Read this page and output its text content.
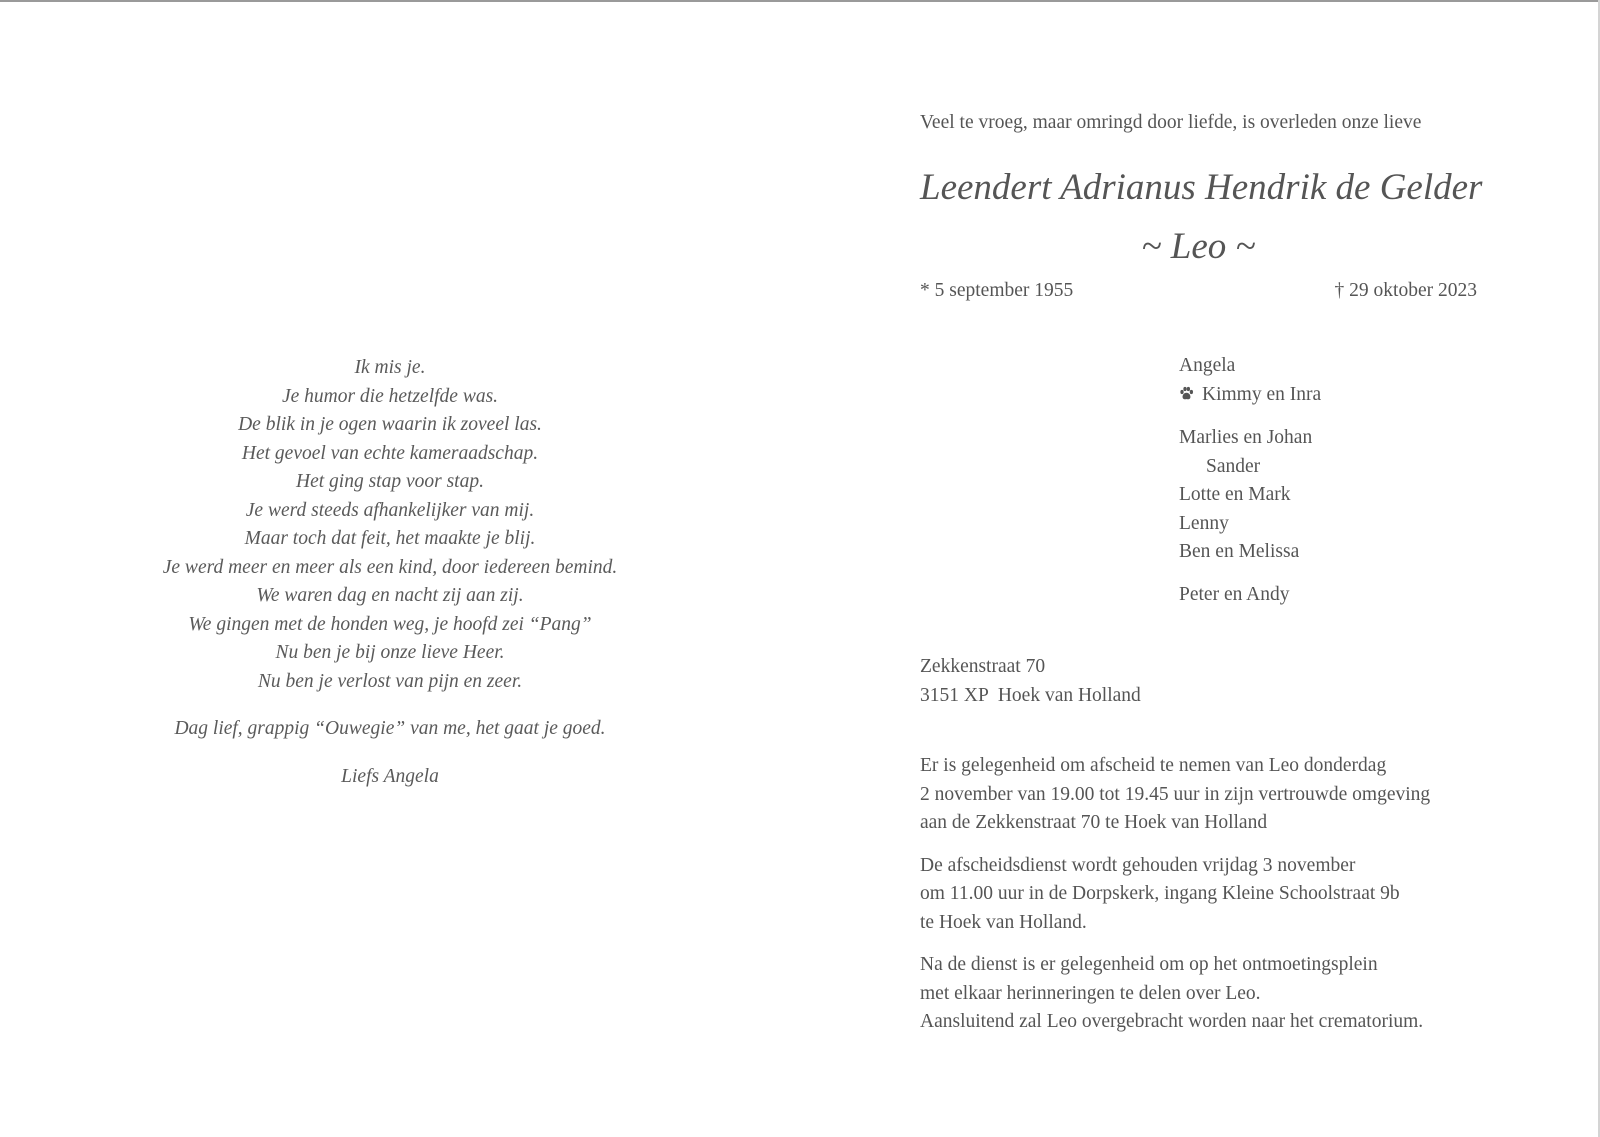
Ik mis je.
Je humor die hetzelfde was.
De blik in je ogen waarin ik zoveel las.
Het gevoel van echte kameraadschap.
Het ging stap voor stap.
Je werd steeds afhankelijker van mij.
Maar toch dat feit, het maakte je blij.
Je werd meer en meer als een kind, door iedereen bemind.
We waren dag en nacht zij aan zij.
We gingen met de honden weg, je hoofd zei “Pang”
Nu ben je bij onze lieve Heer.
Nu ben je verlost van pijn en zeer.
Dag lief, grappig “Ouwegie” van me, het gaat je goed.
Liefs Angela
Veel te vroeg, maar omringd door liefde, is overleden onze lieve
Leendert Adrianus Hendrik de Gelder
~ Leo ~
* 5 september 1955	† 29 oktober 2023
Angela
Kimmy en Inra
Marlies en Johan
Sander
Lotte en Mark
Lenny
Ben en Melissa
Peter en Andy
Zekkenstraat 70
3151 XP  Hoek van Holland
Er is gelegenheid om afscheid te nemen van Leo donderdag
2 november van 19.00 tot 19.45 uur in zijn vertrouwde omgeving
aan de Zekkenstraat 70 te Hoek van Holland
De afscheidsdienst wordt gehouden vrijdag 3 november
om 11.00 uur in de Dorpskerk, ingang Kleine Schoolstraat 9b
te Hoek van Holland.
Na de dienst is er gelegenheid om op het ontmoetingsplein
met elkaar herinneringen te delen over Leo.
Aansluitend zal Leo overgebracht worden naar het crematorium.
